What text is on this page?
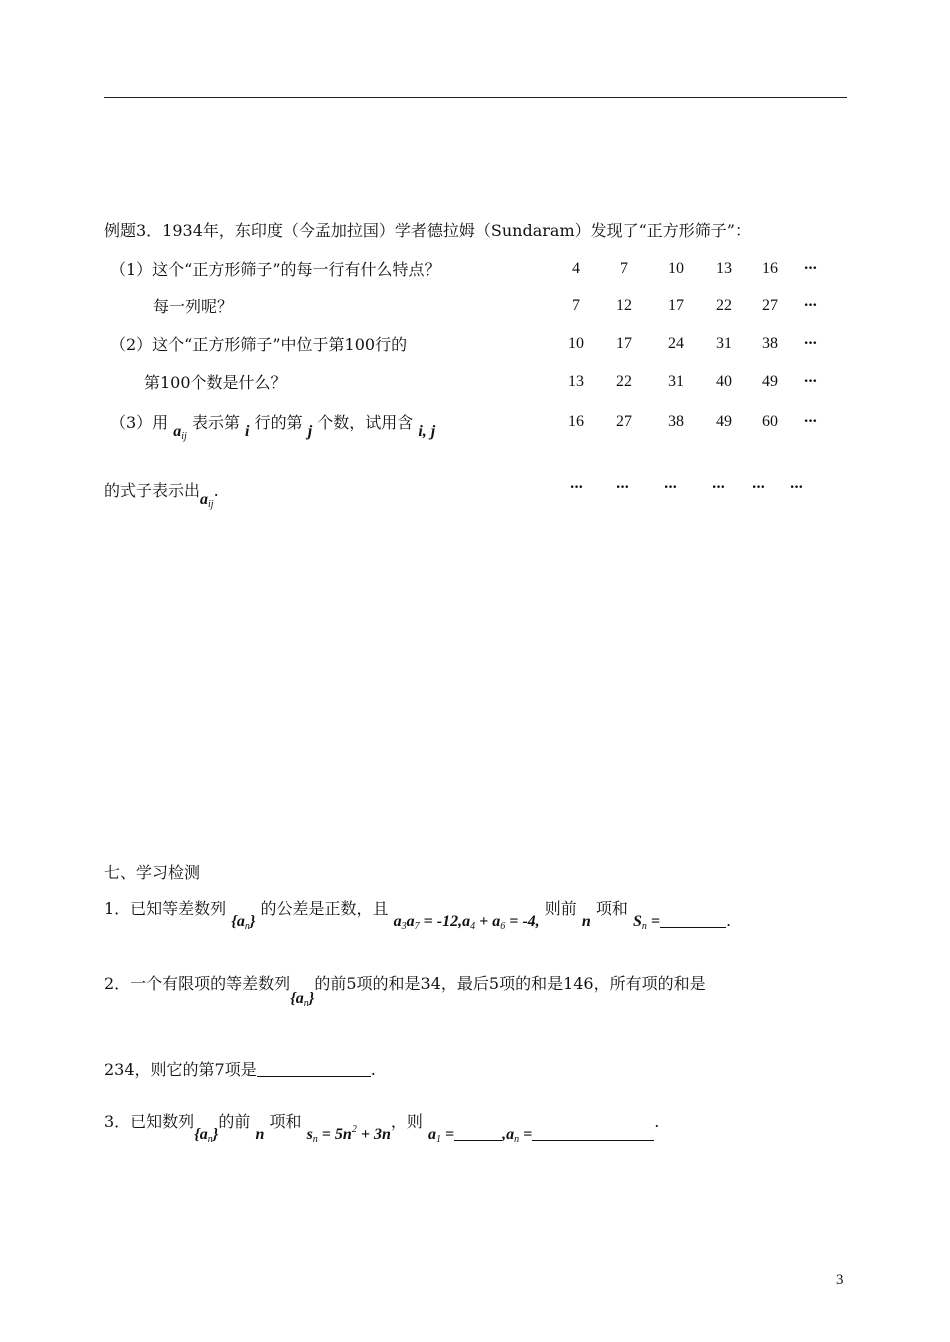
例题3．1934年，东印度（今孟加拉国）学者德拉姆（Sundaram）发现了“正方形筛子”：
（1）这个“正方形筛子”的每一行有什么特点？
每一列呢？
（2）这个“正方形筛子”中位于第100行的
第100个数是什么？
（3）用 $a_{ij}$ 表示第 i 行的第 j 个数，试用含 i, j
的式子表示出$a_{ij}$.
4	7	10	13	16	···
7	12	17	22	27	···
10	17	24	31	38	···
13	22	31	40	49	···
16	27	38	49	60	···
···	···	···	···	···	···
七、学习检测
1．已知等差数列 $\{a_n\}$ 的公差是正数，且 $a_3a_7 = -12,a_4 + a_6 = -4$, 则前 n 项和 $S_n$ =	.
2．一个有限项的等差数列$\{a_n\}$的前5项的和是34，最后5项的和是146，所有项的和是
234，则它的第7项是	.
3．已知数列$\{a_n\}$的前 n 项和 $s_n = 5n^2 + 3n$，则 $a_1$ =	$,a_n$ =.
3
